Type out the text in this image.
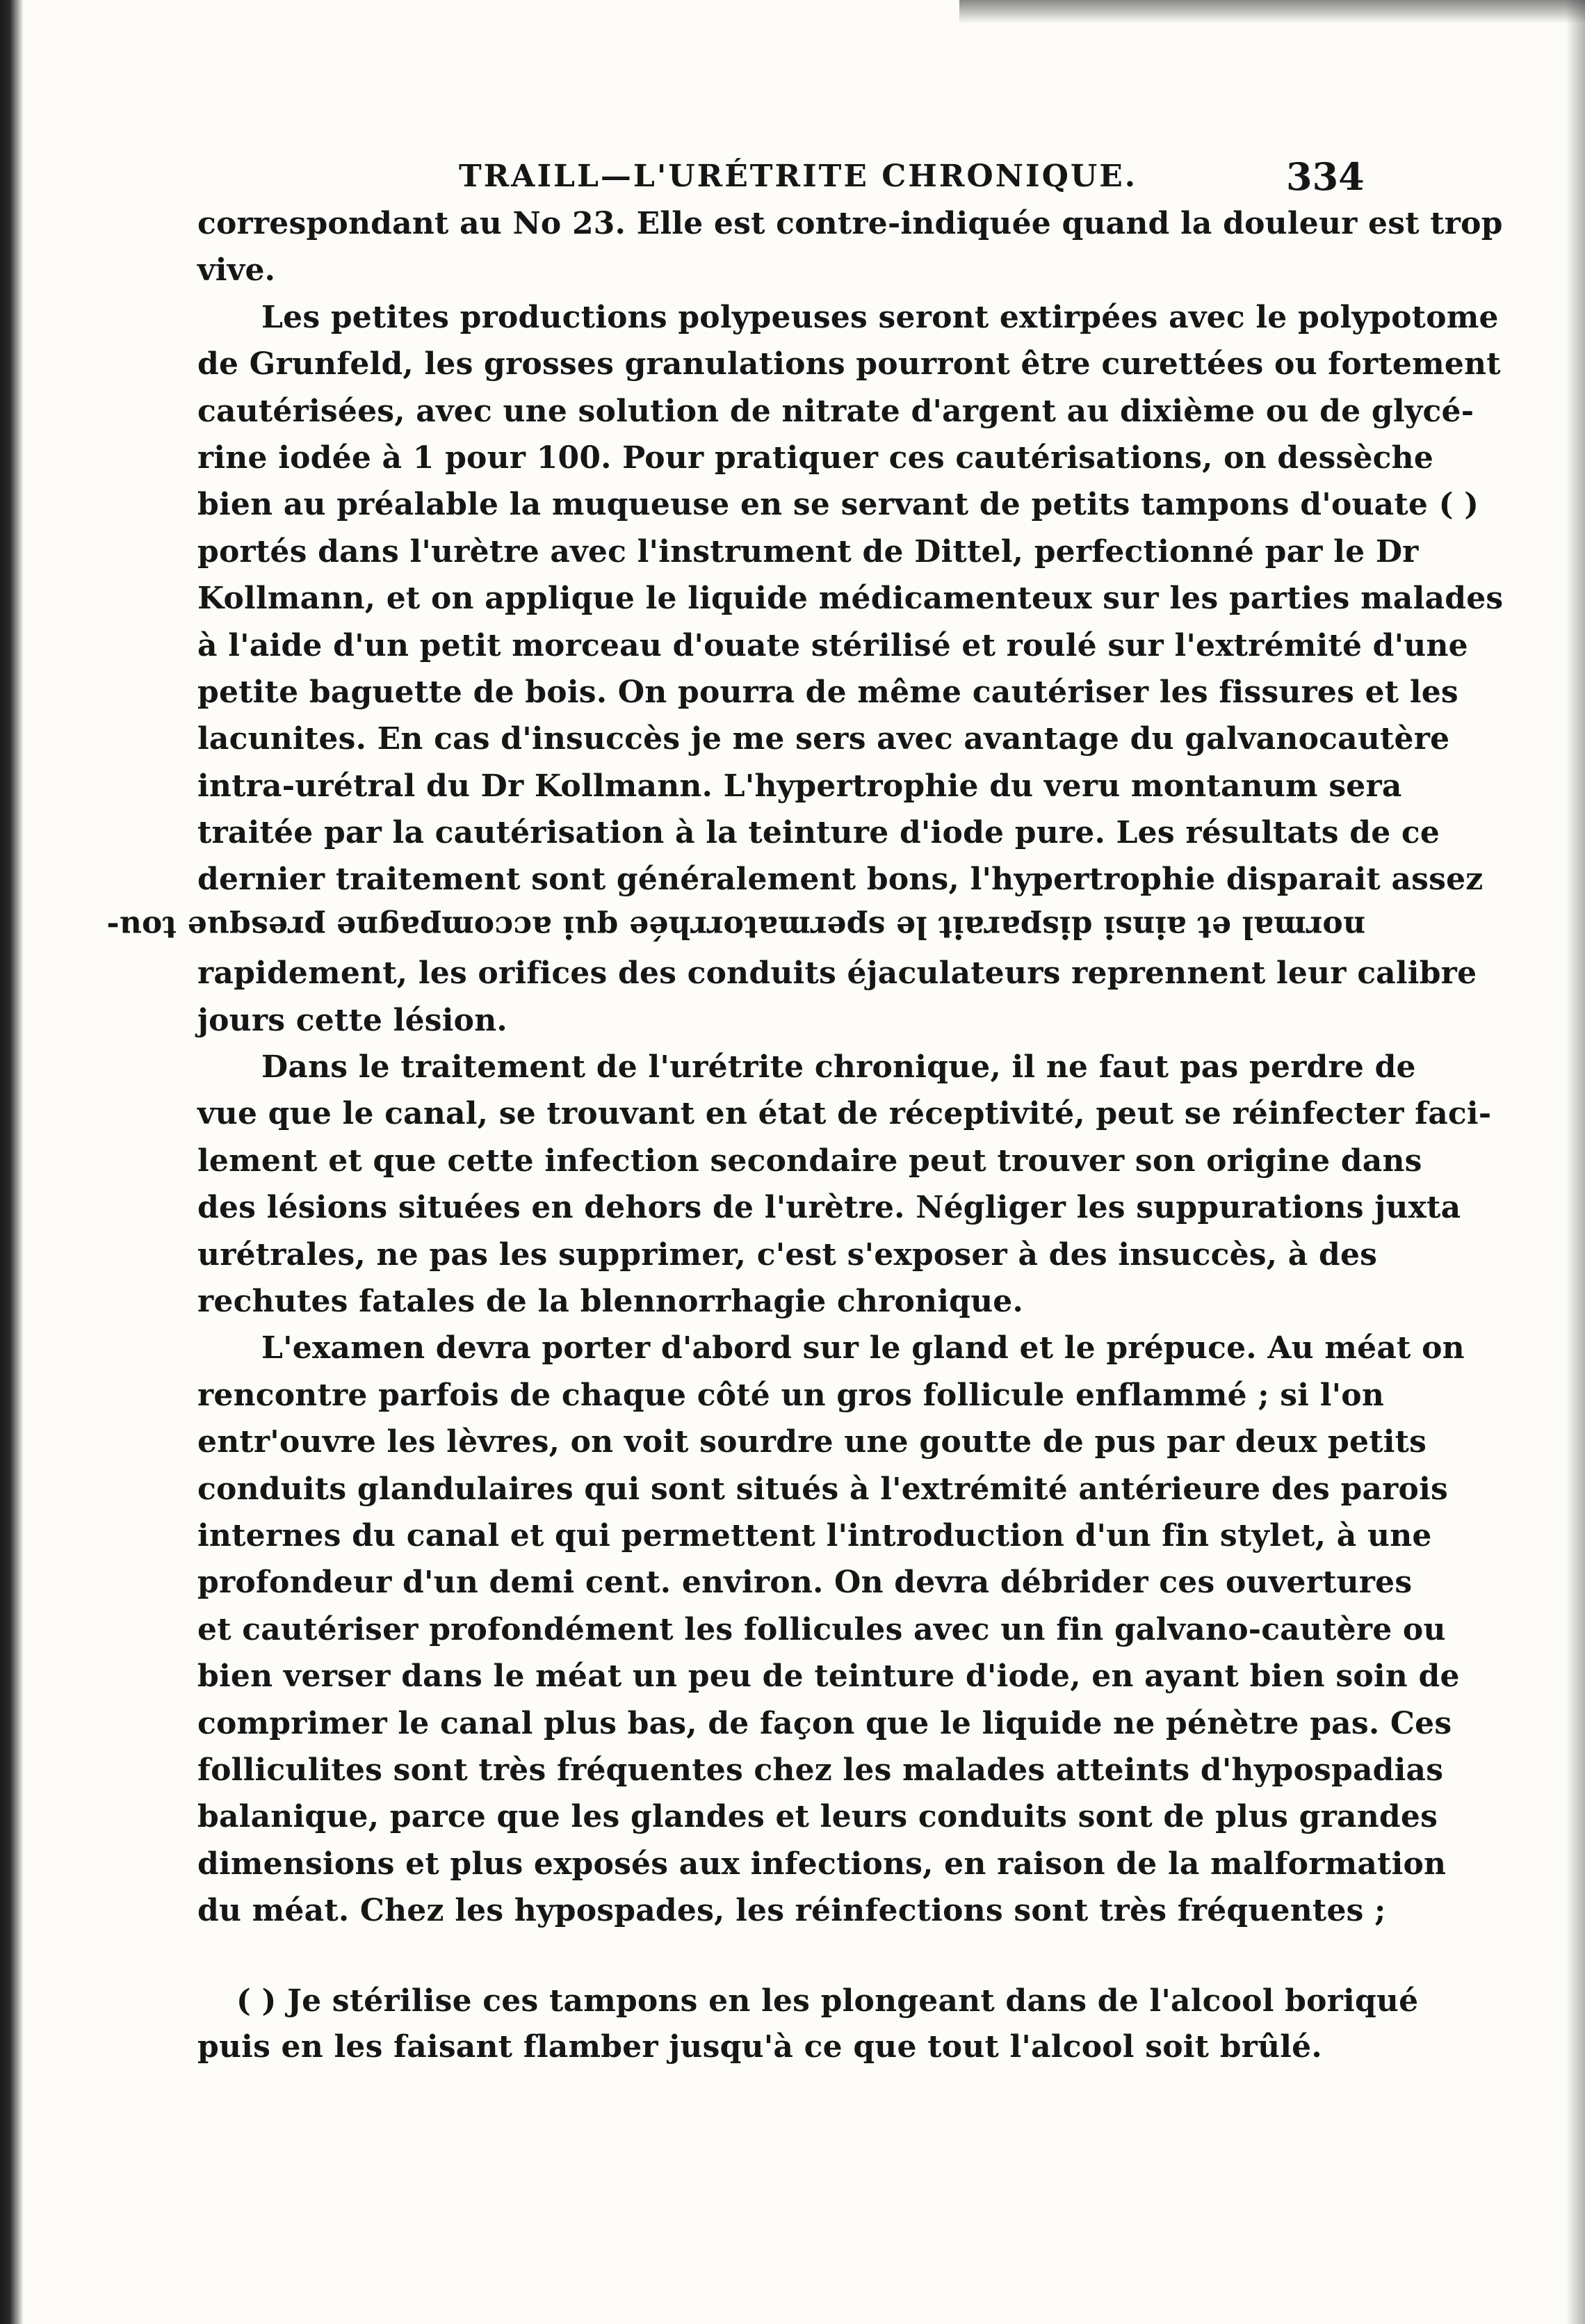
TRAILL—L'URÉTRITE CHRONIQUE.	334
correspondant au No 23. Elle est contre-indiquée quand la douleur est trop
vive.
Les petites productions polypeuses seront extirpées avec le polypotome
de Grunfeld, les grosses granulations pourront être curettées ou fortement
cautérisées, avec une solution de nitrate d'argent au dixième ou de glycé-
rine iodée à 1 pour 100. Pour pratiquer ces cautérisations, on dessèche
bien au préalable la muqueuse en se servant de petits tampons d'ouate ( )
portés dans l'urètre avec l'instrument de Dittel, perfectionné par le Dr
Kollmann, et on applique le liquide médicamenteux sur les parties malades
à l'aide d'un petit morceau d'ouate stérilisé et roulé sur l'extrémité d'une
petite baguette de bois. On pourra de même cautériser les fissures et les
lacunites. En cas d'insuccès je me sers avec avantage du galvanocautère
intra-urétral du Dr Kollmann. L'hypertrophie du veru montanum sera
traitée par la cautérisation à la teinture d'iode pure. Les résultats de ce
dernier traitement sont généralement bons, l'hypertrophie disparait assez
normal et ainsi disparait le spermatorrhée qui accompagne presque tou-
rapidement, les orifices des conduits éjaculateurs reprennent leur calibre
jours cette lésion.
Dans le traitement de l'urétrite chronique, il ne faut pas perdre de
vue que le canal, se trouvant en état de réceptivité, peut se réinfecter faci-
lement et que cette infection secondaire peut trouver son origine dans
des lésions situées en dehors de l'urètre. Négliger les suppurations juxta
urétrales, ne pas les supprimer, c'est s'exposer à des insuccès, à des
rechutes fatales de la blennorrhagie chronique.
L'examen devra porter d'abord sur le gland et le prépuce. Au méat on
rencontre parfois de chaque côté un gros follicule enflammé ; si l'on
entr'ouvre les lèvres, on voit sourdre une goutte de pus par deux petits
conduits glandulaires qui sont situés à l'extrémité antérieure des parois
internes du canal et qui permettent l'introduction d'un fin stylet, à une
profondeur d'un demi cent. environ. On devra débrider ces ouvertures
et cautériser profondément les follicules avec un fin galvano-cautère ou
bien verser dans le méat un peu de teinture d'iode, en ayant bien soin de
comprimer le canal plus bas, de façon que le liquide ne pénètre pas. Ces
folliculites sont très fréquentes chez les malades atteints d'hypospadias
balanique, parce que les glandes et leurs conduits sont de plus grandes
dimensions et plus exposés aux infections, en raison de la malformation
du méat. Chez les hypospades, les réinfections sont très fréquentes ;
( ) Je stérilise ces tampons en les plongeant dans de l'alcool boriqué
puis en les faisant flamber jusqu'à ce que tout l'alcool soit brûlé.
